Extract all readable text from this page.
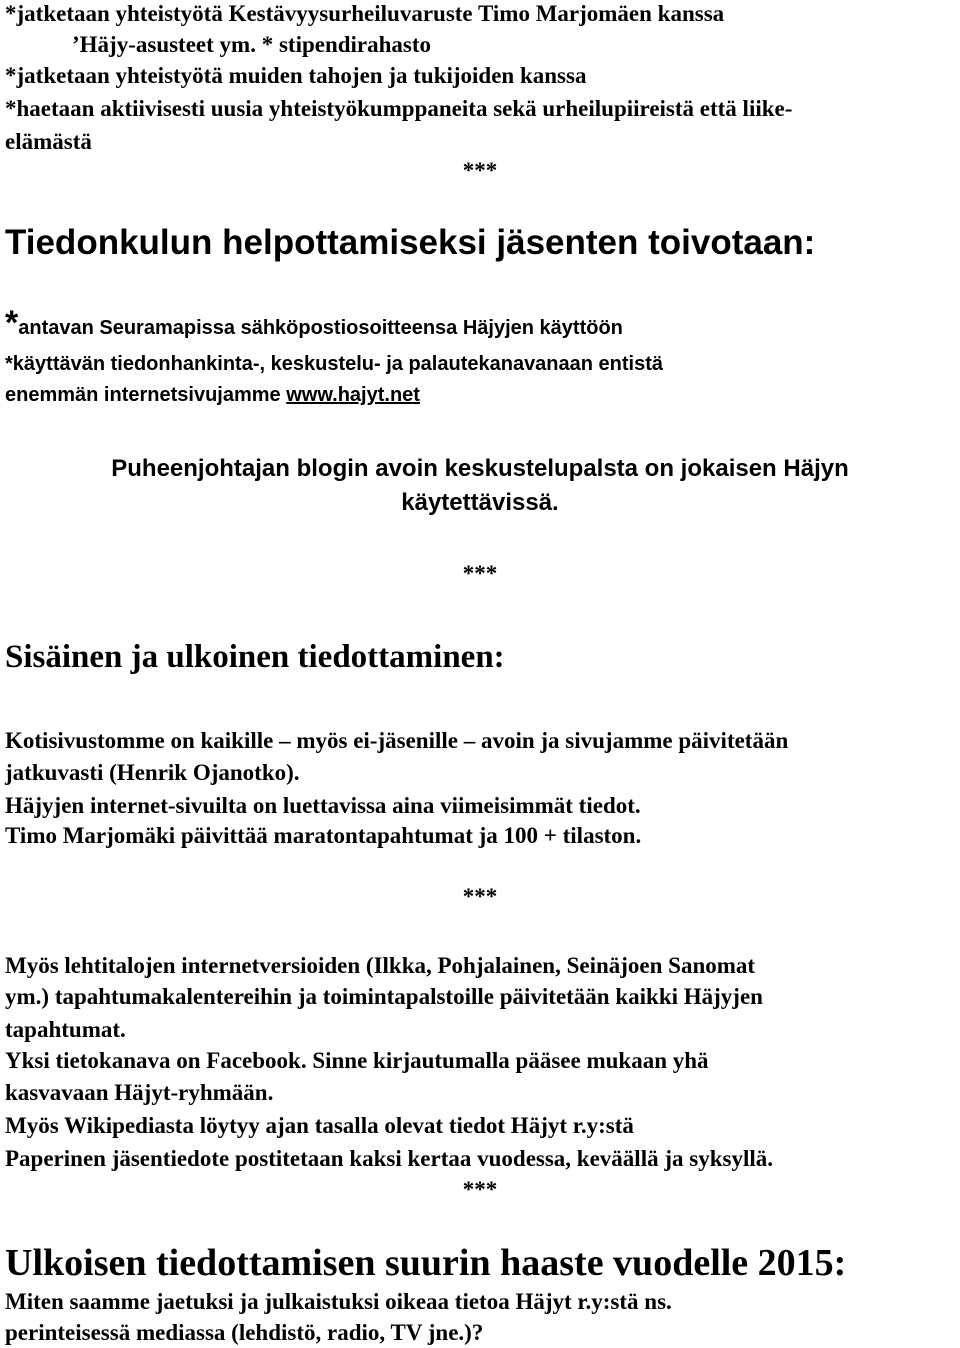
*jatketaan yhteistyötä Kestävyysurheiluvaruste Timo Marjomäen kanssa
’Häjy-asusteet ym. * stipendirahasto
*jatketaan yhteistyötä muiden tahojen ja tukijoiden kanssa
*haetaan aktiivisesti uusia yhteistyökumppaneita sekä urheilupiireistä että liike-
elämästä
***
Tiedonkulun helpottamiseksi jäsenten toivotaan:
*antavan Seuramapissa sähköpostiosoitteensa Häjyjen käyttöön
*käyttävän tiedonhankinta-, keskustelu- ja palautekanavanaan entistä
enemmän internetsivujamme www.hajyt.net
Puheenjohtajan blogin avoin keskustelupalsta on jokaisen Häjyn
käytettävissä.
***
Sisäinen ja ulkoinen tiedottaminen:
Kotisivustomme on kaikille – myös ei-jäsenille – avoin ja sivujamme päivitetään
jatkuvasti (Henrik Ojanotko).
Häjyjen internet-sivuilta on luettavissa aina viimeisimmät tiedot.
Timo Marjomäki päivittää maratontapahtumat ja 100 + tilaston.
***
Myös lehtitalojen internetversioiden (Ilkka, Pohjalainen, Seinäjoen Sanomat
ym.) tapahtumakalentereihin ja toimintapalstoille päivitetään kaikki Häjyjen
tapahtumat.
Yksi tietokanava on Facebook. Sinne kirjautumalla pääsee mukaan yhä
kasvavaan Häjyt-ryhmään.
Myös Wikipediasta löytyy ajan tasalla olevat tiedot Häjyt r.y:stä
Paperinen jäsentiedote postitetaan kaksi kertaa vuodessa, keväällä ja syksyllä.
***
Ulkoisen tiedottamisen suurin haaste vuodelle 2015:
Miten saamme jaetuksi ja julkaistuksi oikeaa tietoa Häjyt r.y:stä ns.
perinteisessä mediassa (lehdistö, radio, TV jne.)?
